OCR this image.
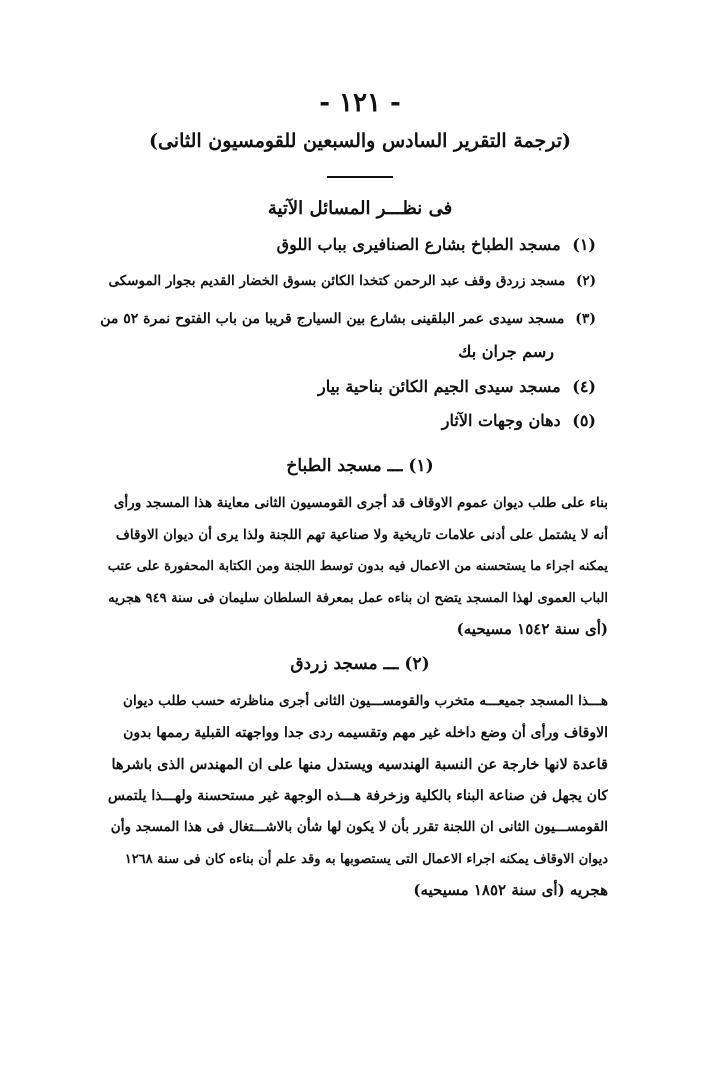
- ١٢١ -
(ترجمة التقرير السادس والسبعين للقومسيون الثانى)
فى نظـــر المسائل الآتية
(١) مسجد الطباخ بشارع الصنافيرى بباب اللوق
(٢) مسجد زردق وقف عبد الرحمن كتخدا الكائن بسوق الخضار القديم بجوار الموسكى
(٣) مسجد سيدى عمر البلقينى بشارع بين السيارج قريبا من باب الفتوح نمرة ٥٢ من
رسم جران بك
(٤) مسجد سيدى الجيم الكائن بناحية بيار
(٥) دهان وجهات الآثار
(١) ـــ مسجد الطباخ
بناء على طلب ديوان عموم الاوقاف قد أجرى القومسيون الثانى معاينة هذا المسجد ورأى
أنه لا يشتمل على أدنى علامات تاريخية ولا صناعية تهم اللجنة ولذا يرى أن ديوان الاوقاف
يمكنه اجراء ما يستحسنه من الاعمال فيه بدون توسط اللجنة ومن الكتابة المحفورة على عتب
الباب العموى لهذا المسجد يتضح ان بناءه عمل بمعرفة السلطان سليمان فى سنة ٩٤٩ هجريه
(أى سنة ١٥٤٢ مسيحيه)
(٢) ـــ مسجد زردق
هـــذا المسجد جميعـــه متخرب والقومســـيون الثانى أجرى مناظرته حسب طلب ديوان
الاوقاف ورأى أن وضع داخله غير مهم وتقسيمه ردى جدا وواجهته القبلية رممها بدون
قاعدة لانها خارجة عن النسبة الهندسيه ويستدل منها على ان المهندس الذى باشرها
كان يجهل فن صناعة البناء بالكلية وزخرفة هـــذه الوجهة غير مستحسنة ولهـــذا يلتمس
القومســـيون الثانى ان اللجنة تقرر بأن لا يكون لها شأن بالاشـــتغال فى هذا المسجد وأن
ديوان الاوقاف يمكنه اجراء الاعمال التى يستصوبها به وقد علم أن بناءه كان فى سنة ١٢٦٨
هجريه (أى سنة ١٨٥٢ مسيحيه)
